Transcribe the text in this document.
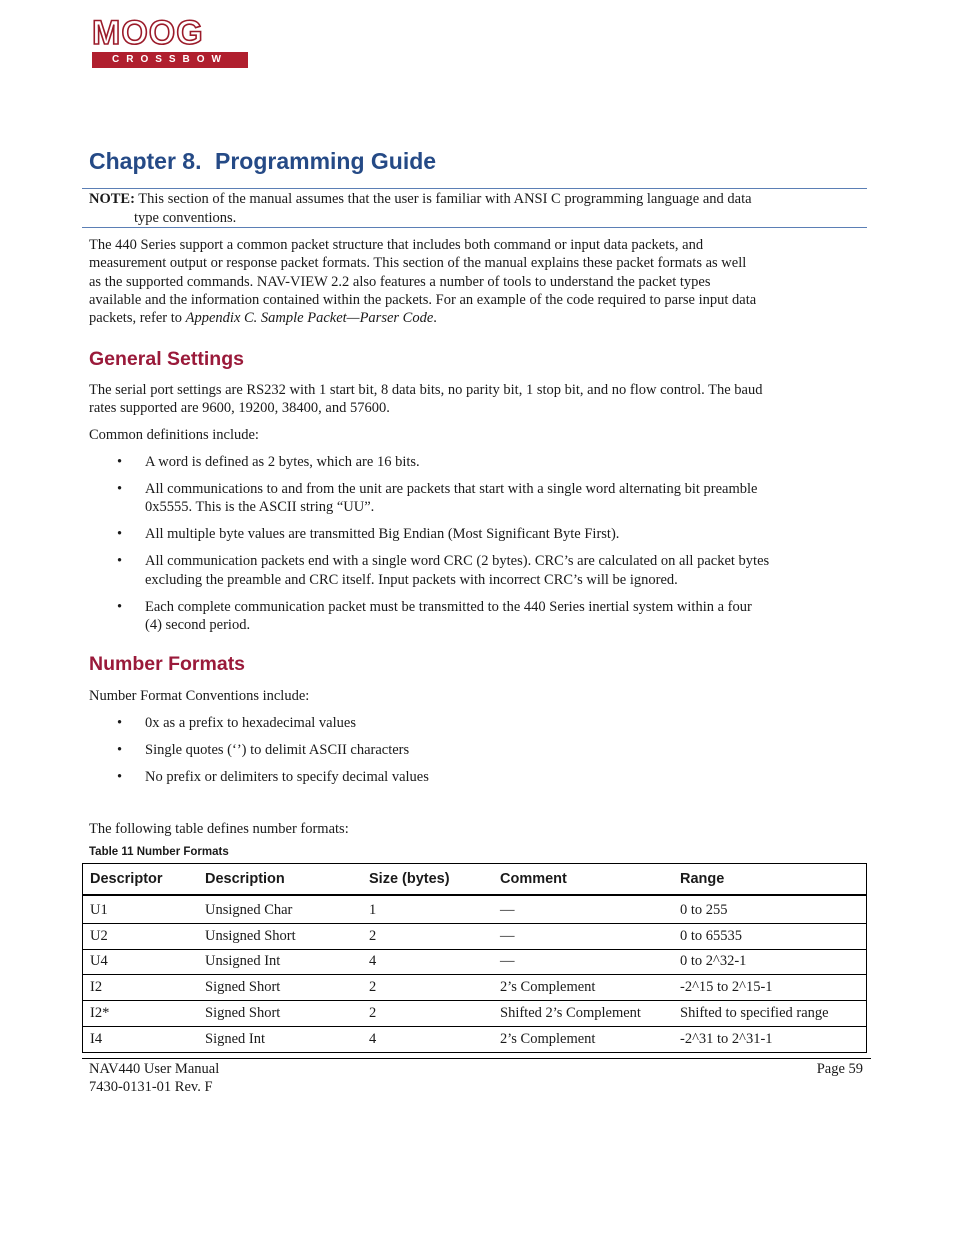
MOOG
CROSSBOW
Chapter 8. Programming Guide
NOTE: This section of the manual assumes that the user is familiar with ANSI C programming language and data
type conventions.

The 440 Series support a common packet structure that includes both command or input data packets, and
measurement output or response packet formats. This section of the manual explains these packet formats as well
as the supported commands. NAV-VIEW 2.2 also features a number of tools to understand the packet types
available and the information contained within the packets. For an example of the code required to parse input data
packets, refer to Appendix C. Sample Packet—Parser Code.

General Settings

The serial port settings are RS232 with 1 start bit, 8 data bits, no parity bit, 1 stop bit, and no flow control. The baud
rates supported are 9600, 19200, 38400, and 57600.

Common definitions include:

• A word is defined as 2 bytes, which are 16 bits.
• All communications to and from the unit are packets that start with a single word alternating bit preamble
0x5555. This is the ASCII string “UU”.
• All multiple byte values are transmitted Big Endian (Most Significant Byte First).
• All communication packets end with a single word CRC (2 bytes). CRC’s are calculated on all packet bytes
excluding the preamble and CRC itself. Input packets with incorrect CRC’s will be ignored.
• Each complete communication packet must be transmitted to the 440 Series inertial system within a four
(4) second period.
Number Formats

Number Format Conventions include:

• 0x as a prefix to hexadecimal values
• Single quotes (‘’) to delimit ASCII characters
• No prefix or delimiters to specify decimal values

The following table defines number formats:

Table 11 Number Formats
Descriptor	Description	Size (bytes)	Comment	Range
U1	Unsigned Char	1	—	0 to 255
U2	Unsigned Short	2	—	0 to 65535
U4	Unsigned Int	4	—	0 to 2^32-1
I2	Signed Short	2	2’s Complement	-2^15 to 2^15-1
I2*	Signed Short	2	Shifted 2’s Complement	Shifted to specified range
I4	Signed Int	4	2’s Complement	-2^31 to 2^31-1
NAV440 User Manual
7430-0131-01 Rev. F
Page 59
